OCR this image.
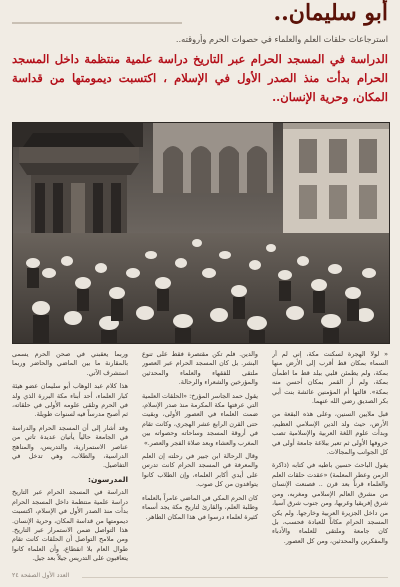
أبو سليمان..
استرجاعات حلقات العلم والعلماء في حصوات الحرم وأروقته..
الدراسة في المسجد الحرام عبر التاريخ دراسة علمية منتظمة داخل المسجد الحرام بدأت منذ الصدر الأول في الإسلام ، اكتسبت ديمومتها من قداسة المكان، وحرية الإنسان..

« لولا الهجرة لسكنت مكة، إني لم أر السماء بمكان قط أقرب إلى الأرض منها بمكة، ولم يطمئن قلبي ببلد قط ما اطمأن بمكة، ولم أر القمر بمكان أحسن منه بمكة». قالتها أم المؤمنين عائشة بنت أبي بكر الصديق رضي الله عنهما.

قبل ملايين السنين، وعلى هذه البقعة من الأرض، حيث ولد الدين الإسلامي العظيم، وبدأت علوم اللغة العربية والإسلامية تصب حروفها الأولى ثم تعبر ببلاغة جامعة أولى في كل الجوانب والمجالات.

يقول الباحث حسين باطيه في كتابه (ذاكرة الزمن وعطر المعلمة) «عقدت حلقات العلم والعلماء قرناً بعد قرن .. فصنعت الإنسان من مشرق العالم الإسلامي ومغربه، ومن شرق إفريقيا وغربها، ومن جنوب شرق آسيا، من داخل الجزيرة العربية وخارجها. ولم يكن المسجد الحرام مكاناً للعبادة فحسب، بل كان جامعة وملتقى للعلماء والأدباء والمفكرين والمحدثين، ومن كل العصور.

والدين. فلم تكن مقتصرة فقط على تنوع البشر. بل كان المسجد الحرام عبر العصور ملتقى للفقهاء والعلماء والمحدثين والمؤرخين والشعراء والرحالة.

يقول حمد الجاسر المؤرخ: «الحلقات العلمية التي عرفتها مكة المكرمة منذ صدر الإسلام، ضمت العلماء في العصور الأولى، وبقيت حتى القرن الرابع عشر الهجري، وكانت تقام في أروقة المسجد وساحاته وحصواته بين المغرب والعشاء وبعد صلاة الفجر والعصر.»

وقال الرحالة ابن جبير في رحلته إن العلم والمعرفة في المسجد الحرام كانت تدرس على أيدي أكابر العلماء، وإن الطلاب كانوا يتوافدون من كل صوب.

كان الحرم المكي في الماضي عامراً بالعلماء وطلبة العلم، والقارئ لتاريخ مكة يجد أسماء كثيرة لعلماء درسوا في هذا المكان الطاهر.

وربما يعقبني في صحن الحرم يسمى بالمقارنة ما بين الماضي والحاضر وربما استشرف الآتي.

هذا كلام عبد الوهاب أبو سليمان عضو هيئة كبار العلماء، أحد أبناء مكة البررة الذي ولد في الحرم وتلقى علومه الأولى في حلقاته، ثم أصبح مدرساً فيه لسنوات طويلة.

وقد أشار إلى أن المسجد الحرام والدراسة في الجامعة حالياً يأتيان عديدة تاتي من عناصر الاستمرارية، والتدريس، والمناهج الدراسية، والطلاب، وهي تدخل في التفاصيل.

المدرسون:

الدراسة في المسجد الحرام عبر التاريخ دراسة علمية منتظمة داخل المسجد الحرام بدأت منذ الصدر الأول في الإسلام، اكتسبت ديمومتها من قداسة المكان، وحرية الإنسان. هذا التواصل ضمن الاستمرار عبر التاريخ. ومن ملامح التواصل أن الحلقات كانت تقام طوال العام بلا انقطاع، وأن العلماء كانوا يتعاقبون على التدريس جيلاً بعد جيل.

العدد الأول الصفحة ٢٤
